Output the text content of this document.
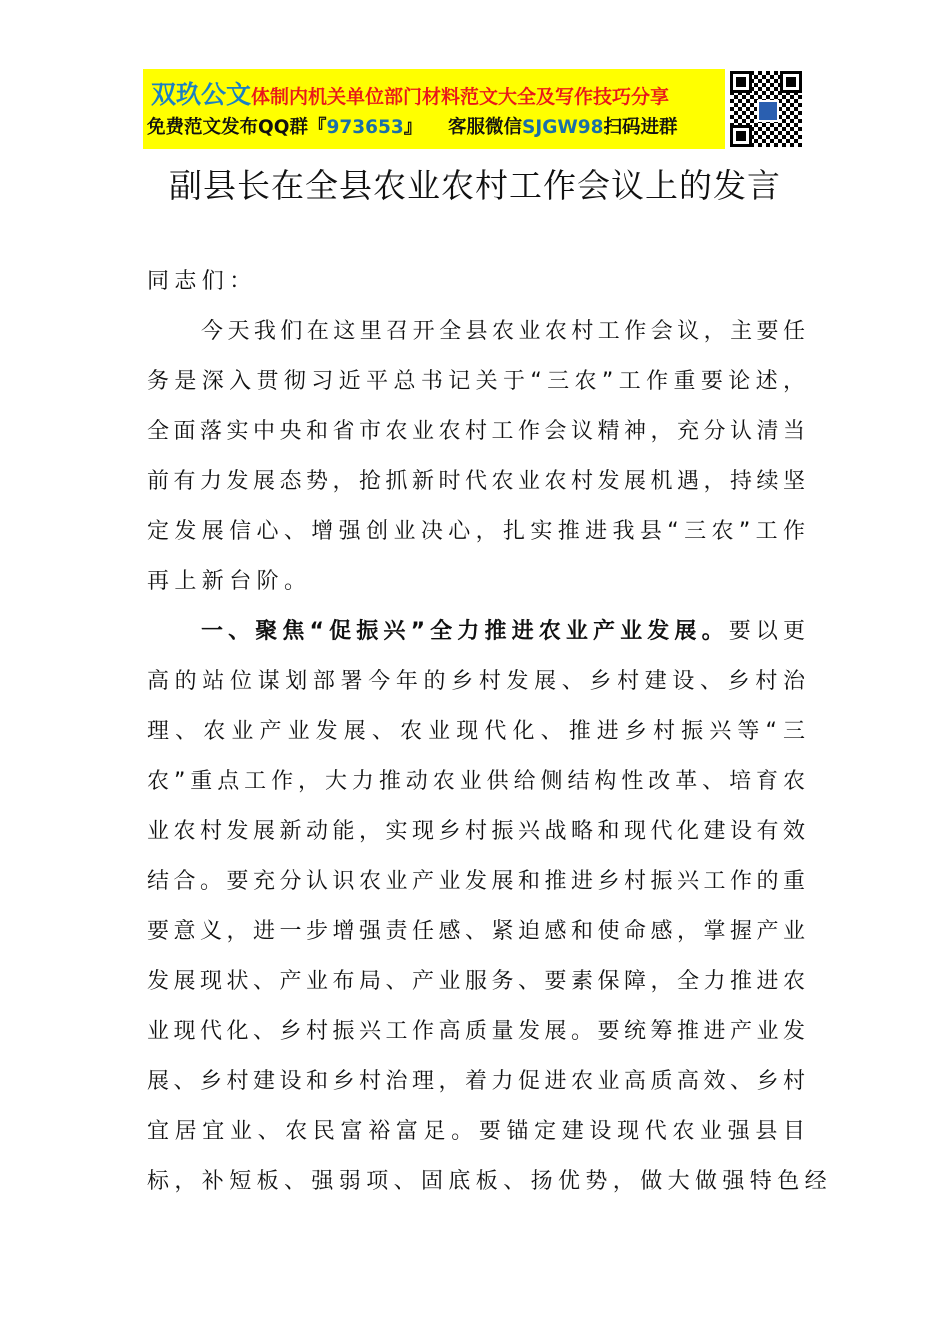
双玖公文体制内机关单位部门材料范文大全及写作技巧分享
免费范文发布QQ群『973653』 客服微信SJGW98扫码进群
副县长在全县农业农村工作会议上的发言
同志们：
今天我们在这里召开全县农业农村工作会议，主要任
务是深入贯彻习近平总书记关于“三农”工作重要论述，
全面落实中央和省市农业农村工作会议精神，充分认清当
前有力发展态势，抢抓新时代农业农村发展机遇，持续坚
定发展信心、增强创业决心，扎实推进我县“三农”工作
再上新台阶。
一、聚焦“促振兴”全力推进农业产业发展。要以更
高的站位谋划部署今年的乡村发展、乡村建设、乡村治
理、农业产业发展、农业现代化、推进乡村振兴等“三
农”重点工作，大力推动农业供给侧结构性改革、培育农
业农村发展新动能，实现乡村振兴战略和现代化建设有效
结合。要充分认识农业产业发展和推进乡村振兴工作的重
要意义，进一步增强责任感、紧迫感和使命感，掌握产业
发展现状、产业布局、产业服务、要素保障，全力推进农
业现代化、乡村振兴工作高质量发展。要统筹推进产业发
展、乡村建设和乡村治理，着力促进农业高质高效、乡村
宜居宜业、农民富裕富足。要锚定建设现代农业强县目
标，补短板、强弱项、固底板、扬优势，做大做强特色经
